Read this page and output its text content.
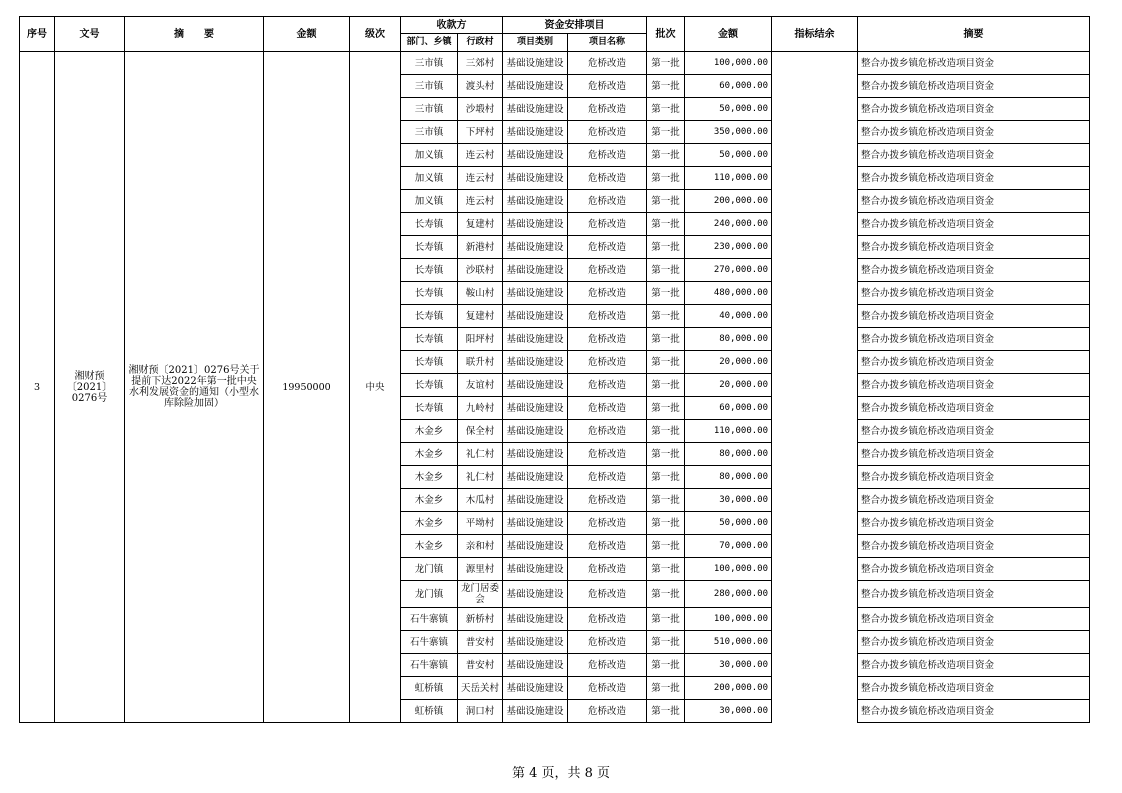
序号	文号	摘　　要	金额	级次	收款方		资金安排项目		批次	金额	指标结余	摘要
					部门、乡镇	行政村	项目类别	项目名称				
3	湘财预〔2021〕0276号	湘财预〔2021〕0276号关于提前下达2022年第一批中央水利发展资金的通知（小型水库除险加固）	19950000	中央	三市镇	三郊村	基础设施建设	危桥改造	第一批	100,000.00		整合办拨乡镇危桥改造项目资金
					三市镇	渡头村	基础设施建设	危桥改造	第一批	60,000.00		整合办拨乡镇危桥改造项目资金
					三市镇	沙塅村	基础设施建设	危桥改造	第一批	50,000.00		整合办拨乡镇危桥改造项目资金
					三市镇	下坪村	基础设施建设	危桥改造	第一批	350,000.00		整合办拨乡镇危桥改造项目资金
					加义镇	连云村	基础设施建设	危桥改造	第一批	50,000.00		整合办拨乡镇危桥改造项目资金
					加义镇	连云村	基础设施建设	危桥改造	第一批	110,000.00		整合办拨乡镇危桥改造项目资金
					加义镇	连云村	基础设施建设	危桥改造	第一批	200,000.00		整合办拨乡镇危桥改造项目资金
					长寿镇	复建村	基础设施建设	危桥改造	第一批	240,000.00		整合办拨乡镇危桥改造项目资金
					长寿镇	新港村	基础设施建设	危桥改造	第一批	230,000.00		整合办拨乡镇危桥改造项目资金
					长寿镇	沙联村	基础设施建设	危桥改造	第一批	270,000.00		整合办拨乡镇危桥改造项目资金
					长寿镇	鞍山村	基础设施建设	危桥改造	第一批	480,000.00		整合办拨乡镇危桥改造项目资金
					长寿镇	复建村	基础设施建设	危桥改造	第一批	40,000.00		整合办拨乡镇危桥改造项目资金
					长寿镇	阳坪村	基础设施建设	危桥改造	第一批	80,000.00		整合办拨乡镇危桥改造项目资金
					长寿镇	联升村	基础设施建设	危桥改造	第一批	20,000.00		整合办拨乡镇危桥改造项目资金
					长寿镇	友谊村	基础设施建设	危桥改造	第一批	20,000.00		整合办拨乡镇危桥改造项目资金
					长寿镇	九岭村	基础设施建设	危桥改造	第一批	60,000.00		整合办拨乡镇危桥改造项目资金
					木金乡	保全村	基础设施建设	危桥改造	第一批	110,000.00		整合办拨乡镇危桥改造项目资金
					木金乡	礼仁村	基础设施建设	危桥改造	第一批	80,000.00		整合办拨乡镇危桥改造项目资金
					木金乡	礼仁村	基础设施建设	危桥改造	第一批	80,000.00		整合办拨乡镇危桥改造项目资金
					木金乡	木瓜村	基础设施建设	危桥改造	第一批	30,000.00		整合办拨乡镇危桥改造项目资金
					木金乡	平坳村	基础设施建设	危桥改造	第一批	50,000.00		整合办拨乡镇危桥改造项目资金
					木金乡	亲和村	基础设施建设	危桥改造	第一批	70,000.00		整合办拨乡镇危桥改造项目资金
					龙门镇	源里村	基础设施建设	危桥改造	第一批	100,000.00		整合办拨乡镇危桥改造项目资金
					龙门镇	龙门居委会	基础设施建设	危桥改造	第一批	280,000.00		整合办拨乡镇危桥改造项目资金
					石牛寨镇	新桥村	基础设施建设	危桥改造	第一批	100,000.00		整合办拨乡镇危桥改造项目资金
					石牛寨镇	普安村	基础设施建设	危桥改造	第一批	510,000.00		整合办拨乡镇危桥改造项目资金
					石牛寨镇	普安村	基础设施建设	危桥改造	第一批	30,000.00		整合办拨乡镇危桥改造项目资金
					虹桥镇	天岳关村	基础设施建设	危桥改造	第一批	200,000.00		整合办拨乡镇危桥改造项目资金
					虹桥镇	洞口村	基础设施建设	危桥改造	第一批	30,000.00		整合办拨乡镇危桥改造项目资金
第 4 页，共 8 页
